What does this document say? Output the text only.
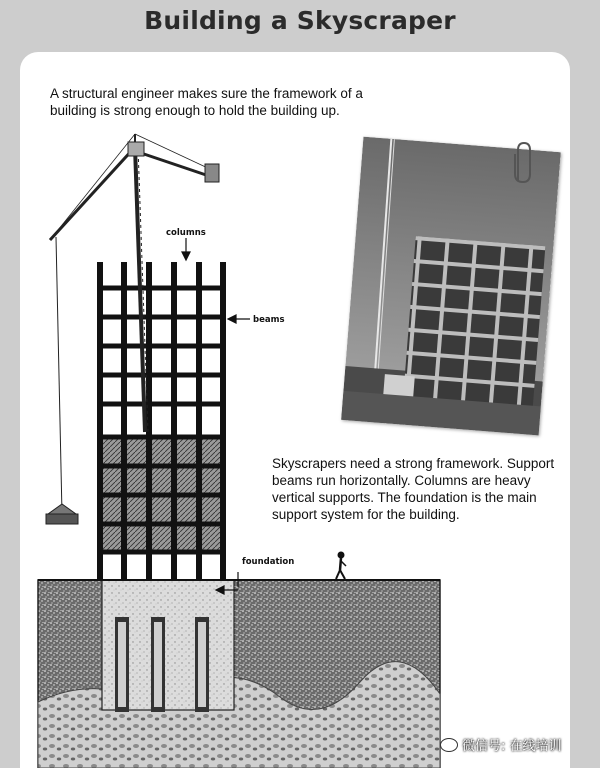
Building a Skyscraper
A structural engineer makes sure the framework of a building is strong enough to hold the building up.
columns
beams
foundation
Skyscrapers need a strong framework. Support beams run horizontally. Columns are heavy vertical supports. The foundation is the main support system for the building.
微信号: 在线培训
